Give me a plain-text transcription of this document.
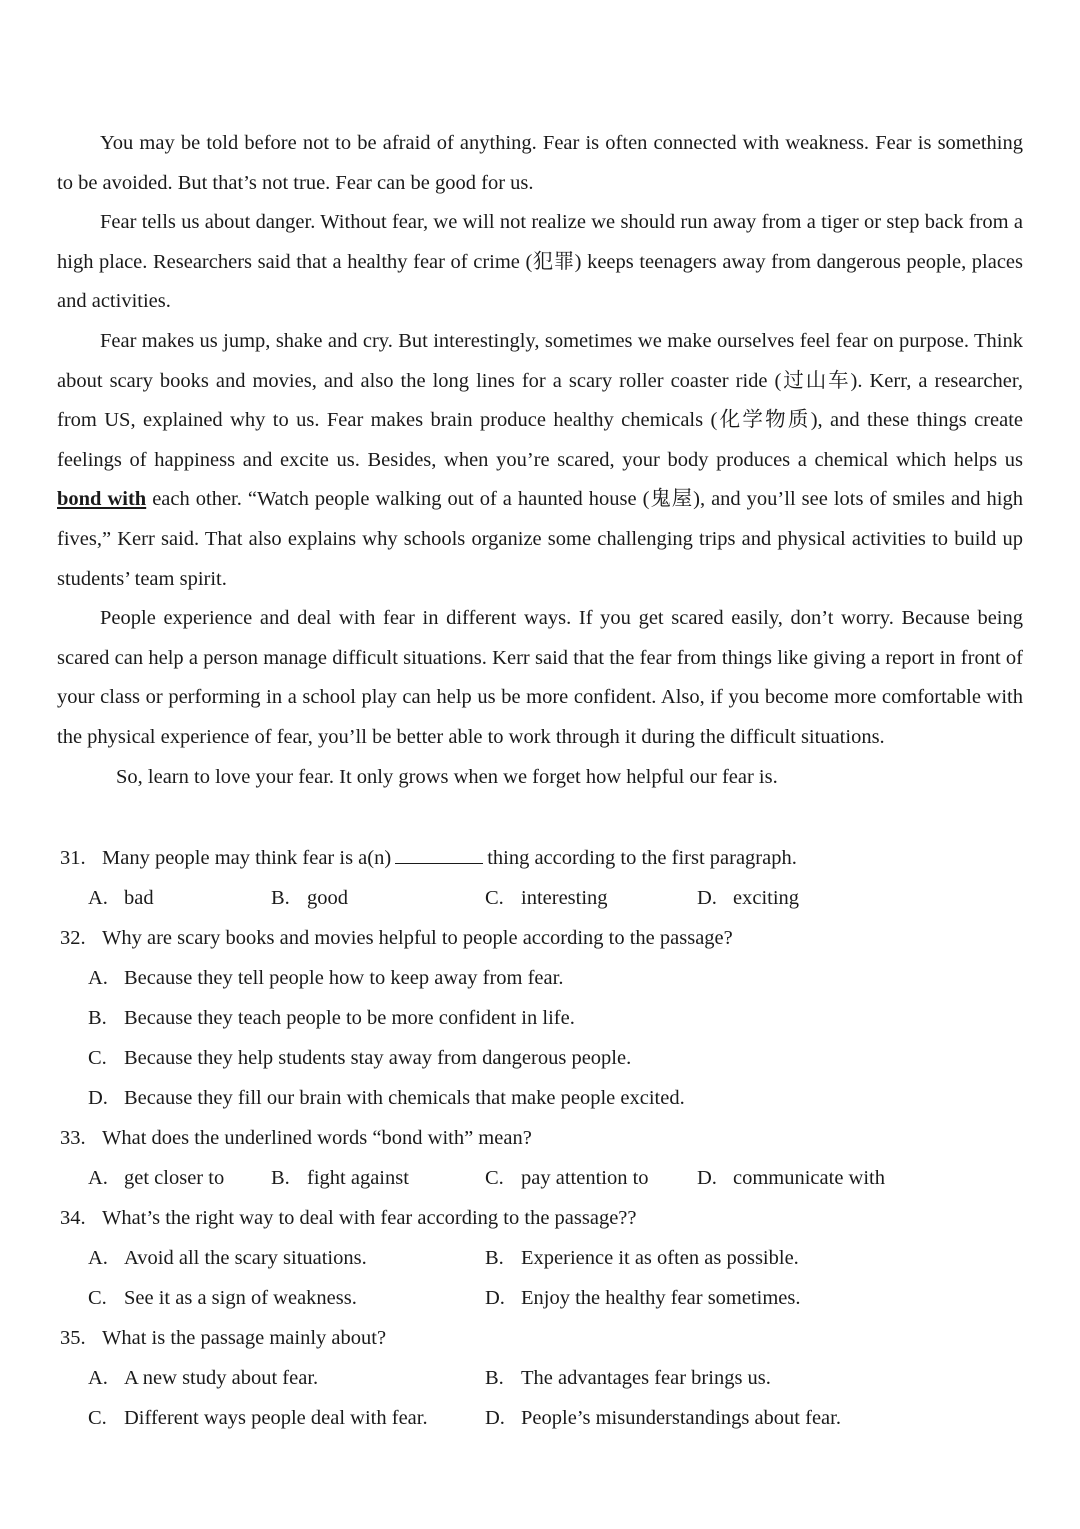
You may be told before not to be afraid of anything. Fear is often connected with weakness. Fear is something to be avoided. But that’s not true. Fear can be good for us.

Fear tells us about danger. Without fear, we will not realize we should run away from a tiger or step back from a high place. Researchers said that a healthy fear of crime (犯罪) keeps teenagers away from dangerous people, places and activities.

Fear makes us jump, shake and cry. But interestingly, sometimes we make ourselves feel fear on purpose. Think about scary books and movies, and also the long lines for a scary roller coaster ride (过山车). Kerr, a researcher, from US, explained why to us. Fear makes brain produce healthy chemicals (化学物质), and these things create feelings of happiness and excite us. Besides, when you’re scared, your body produces a chemical which helps us bond with each other. “Watch people walking out of a haunted house (鬼屋), and you’ll see lots of smiles and high fives,” Kerr said. That also explains why schools organize some challenging trips and physical activities to build up students’ team spirit.

People experience and deal with fear in different ways. If you get scared easily, don’t worry. Because being scared can help a person manage difficult situations. Kerr said that the fear from things like giving a report in front of your class or performing in a school play can help us be more confident. Also, if you become more comfortable with the physical experience of fear, you’ll be better able to work through it during the difficult situations.

So, learn to love your fear. It only grows when we forget how helpful our fear is.

31. Many people may think fear is a(n)	thing according to the first paragraph.
A. bad	B. good	C. interesting	D. exciting
32. Why are scary books and movies helpful to people according to the passage?
A. Because they tell people how to keep away from fear.
B. Because they teach people to be more confident in life.
C. Because they help students stay away from dangerous people.
D. Because they fill our brain with chemicals that make people excited.
33. What does the underlined words “bond with” mean?
A. get closer to B. fight against	C. pay attention to D. communicate with
34. What’s the right way to deal with fear according to the passage??
A. Avoid all the scary situations.	B. Experience it as often as possible.
C. See it as a sign of weakness.	D. Enjoy the healthy fear sometimes.
35. What is the passage mainly about?
A. A new study about fear.	B. The advantages fear brings us.
C. Different ways people deal with fear.	D. People’s misunderstandings about fear.
